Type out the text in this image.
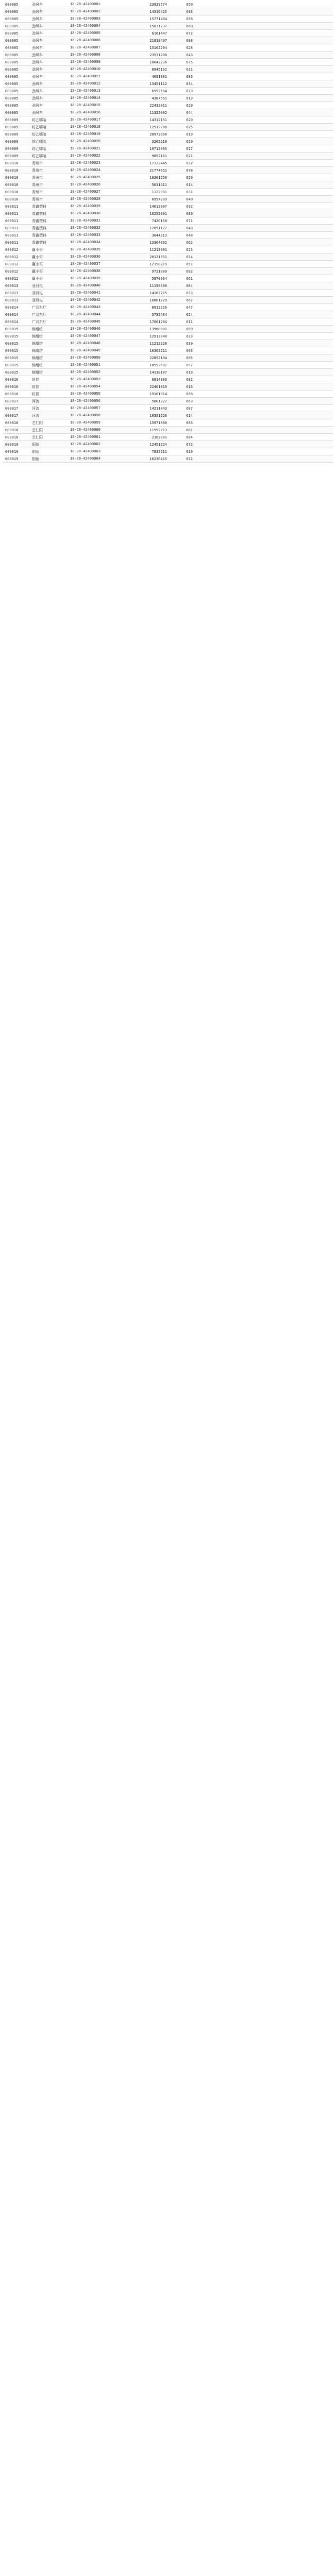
000005	劲风车	18-28-42400001	23929574	650
000005	劲风车	18-28-42400002	14316425	693
000005	劲风车	18-28-42400003	15771404	658
000005	劲风车	18-28-42400004	15831237	660
000005	劲风车	18-28-42400005	6161447	672
000005	劲风车	18-28-42400006	21818497	688
000005	劲风车	18-28-42400007	15102204	628
000005	劲风车	18-28-42400008	23531208	643
000005	劲风车	18-28-42400009	18042236	675
000005	劲风车	18-28-42400010	8945162	631
000005	劲风车	18-28-42400011	4691001	686
000005	劲风车	18-28-42400012	13451112	634
000005	劲风车	18-28-42400013	6952604	679
000005	劲风车	18-28-42400014	4387561	613
000005	劲风车	18-28-42400015	22432011	629
000005	劲风车	18-28-42400016	11322002	644
000009	纺乙哪哈	18-28-42400017	14312151	620
000009	纺乙哪哈	18-28-42400018	12512200	625
000009	纺乙哪哈	18-28-42400019	20972060	619
000009	纺乙哪哈	18-28-42400020	3265218	620
000009	纺乙哪哈	18-28-42400021	19712005	627
000009	纺乙哪哈	18-28-42400022	9652161	621
000010	青州市	18-28-42400023	17122445	632
000010	青州市	18-28-42400024	21774651	678
000010	青州市	18-28-42400025	19301250	620
000010	青州市	18-28-42400026	5031411	614
000010	青州市	18-28-42400027	1122001	631
000010	青州市	18-28-42400028	6957289	640
000011	青鑫塑料	18-28-42400029	14012097	692
000011	青鑫塑料	18-28-42400030	16252001	680
000011	青鑫塑料	18-28-42400031	7420158	671
000011	青鑫塑料	18-28-42400032	12851127	649
000011	青鑫塑料	18-28-42400033	3044213	648
000011	青鑫塑料	18-28-42400034	13364062	662
000012	赢小哥	18-28-42400035	11213001	625
000012	赢小哥	18-28-42400036	20121551	634
000012	赢小哥	18-28-42400037	12150219	651
000012	赢小哥	18-28-42400038	9721009	602
000012	赢小哥	18-28-42400039	5970964	661
000013	亚河电	18-28-42400040	11150500	684
000013	亚河电	18-28-42400041	14162215	633
000013	亚河电	18-28-42400042	16001229	667
000014	广汉东厅	18-28-42400043	8912226	647
000014	广汉东厅	18-28-42400044	3735484	624
000014	广汉东厅	18-28-42400045	17601204	611
000015	锦增纺	18-28-42400046	13960001	689
000015	锦增纺	18-28-42400047	12912040	623
000015	锦增纺	18-28-42400048	11212228	639
000015	锦增纺	18-28-42400049	10302211	603
000015	锦增纺	18-28-42400050	22852104	605
000015	锦增纺	18-28-42400051	18552601	697
000015	锦增纺	18-28-42400052	14110107	619
000016	纺昆	18-28-42400053	6814303	682
000016	纺昆	18-28-42400054	22401019	616
000016	纺昆	18-28-42400055	19101014	658
000017	河流	18-28-42400056	5801227	663
000017	河流	18-28-42400057	14211043	687
000017	河流	18-28-42400058	10351226	614
000018	艺仁阳	18-28-42400059	15971000	603
000018	艺仁阳	18-28-42400060	11552213	681
000018	艺仁阳	18-28-42400061	2362001	684
000019	阳胎	18-28-42400062	12451224	672
000019	阳胎	18-28-42400063	7832211	619
000019	阳胎	18-28-42400064	16230415	631
